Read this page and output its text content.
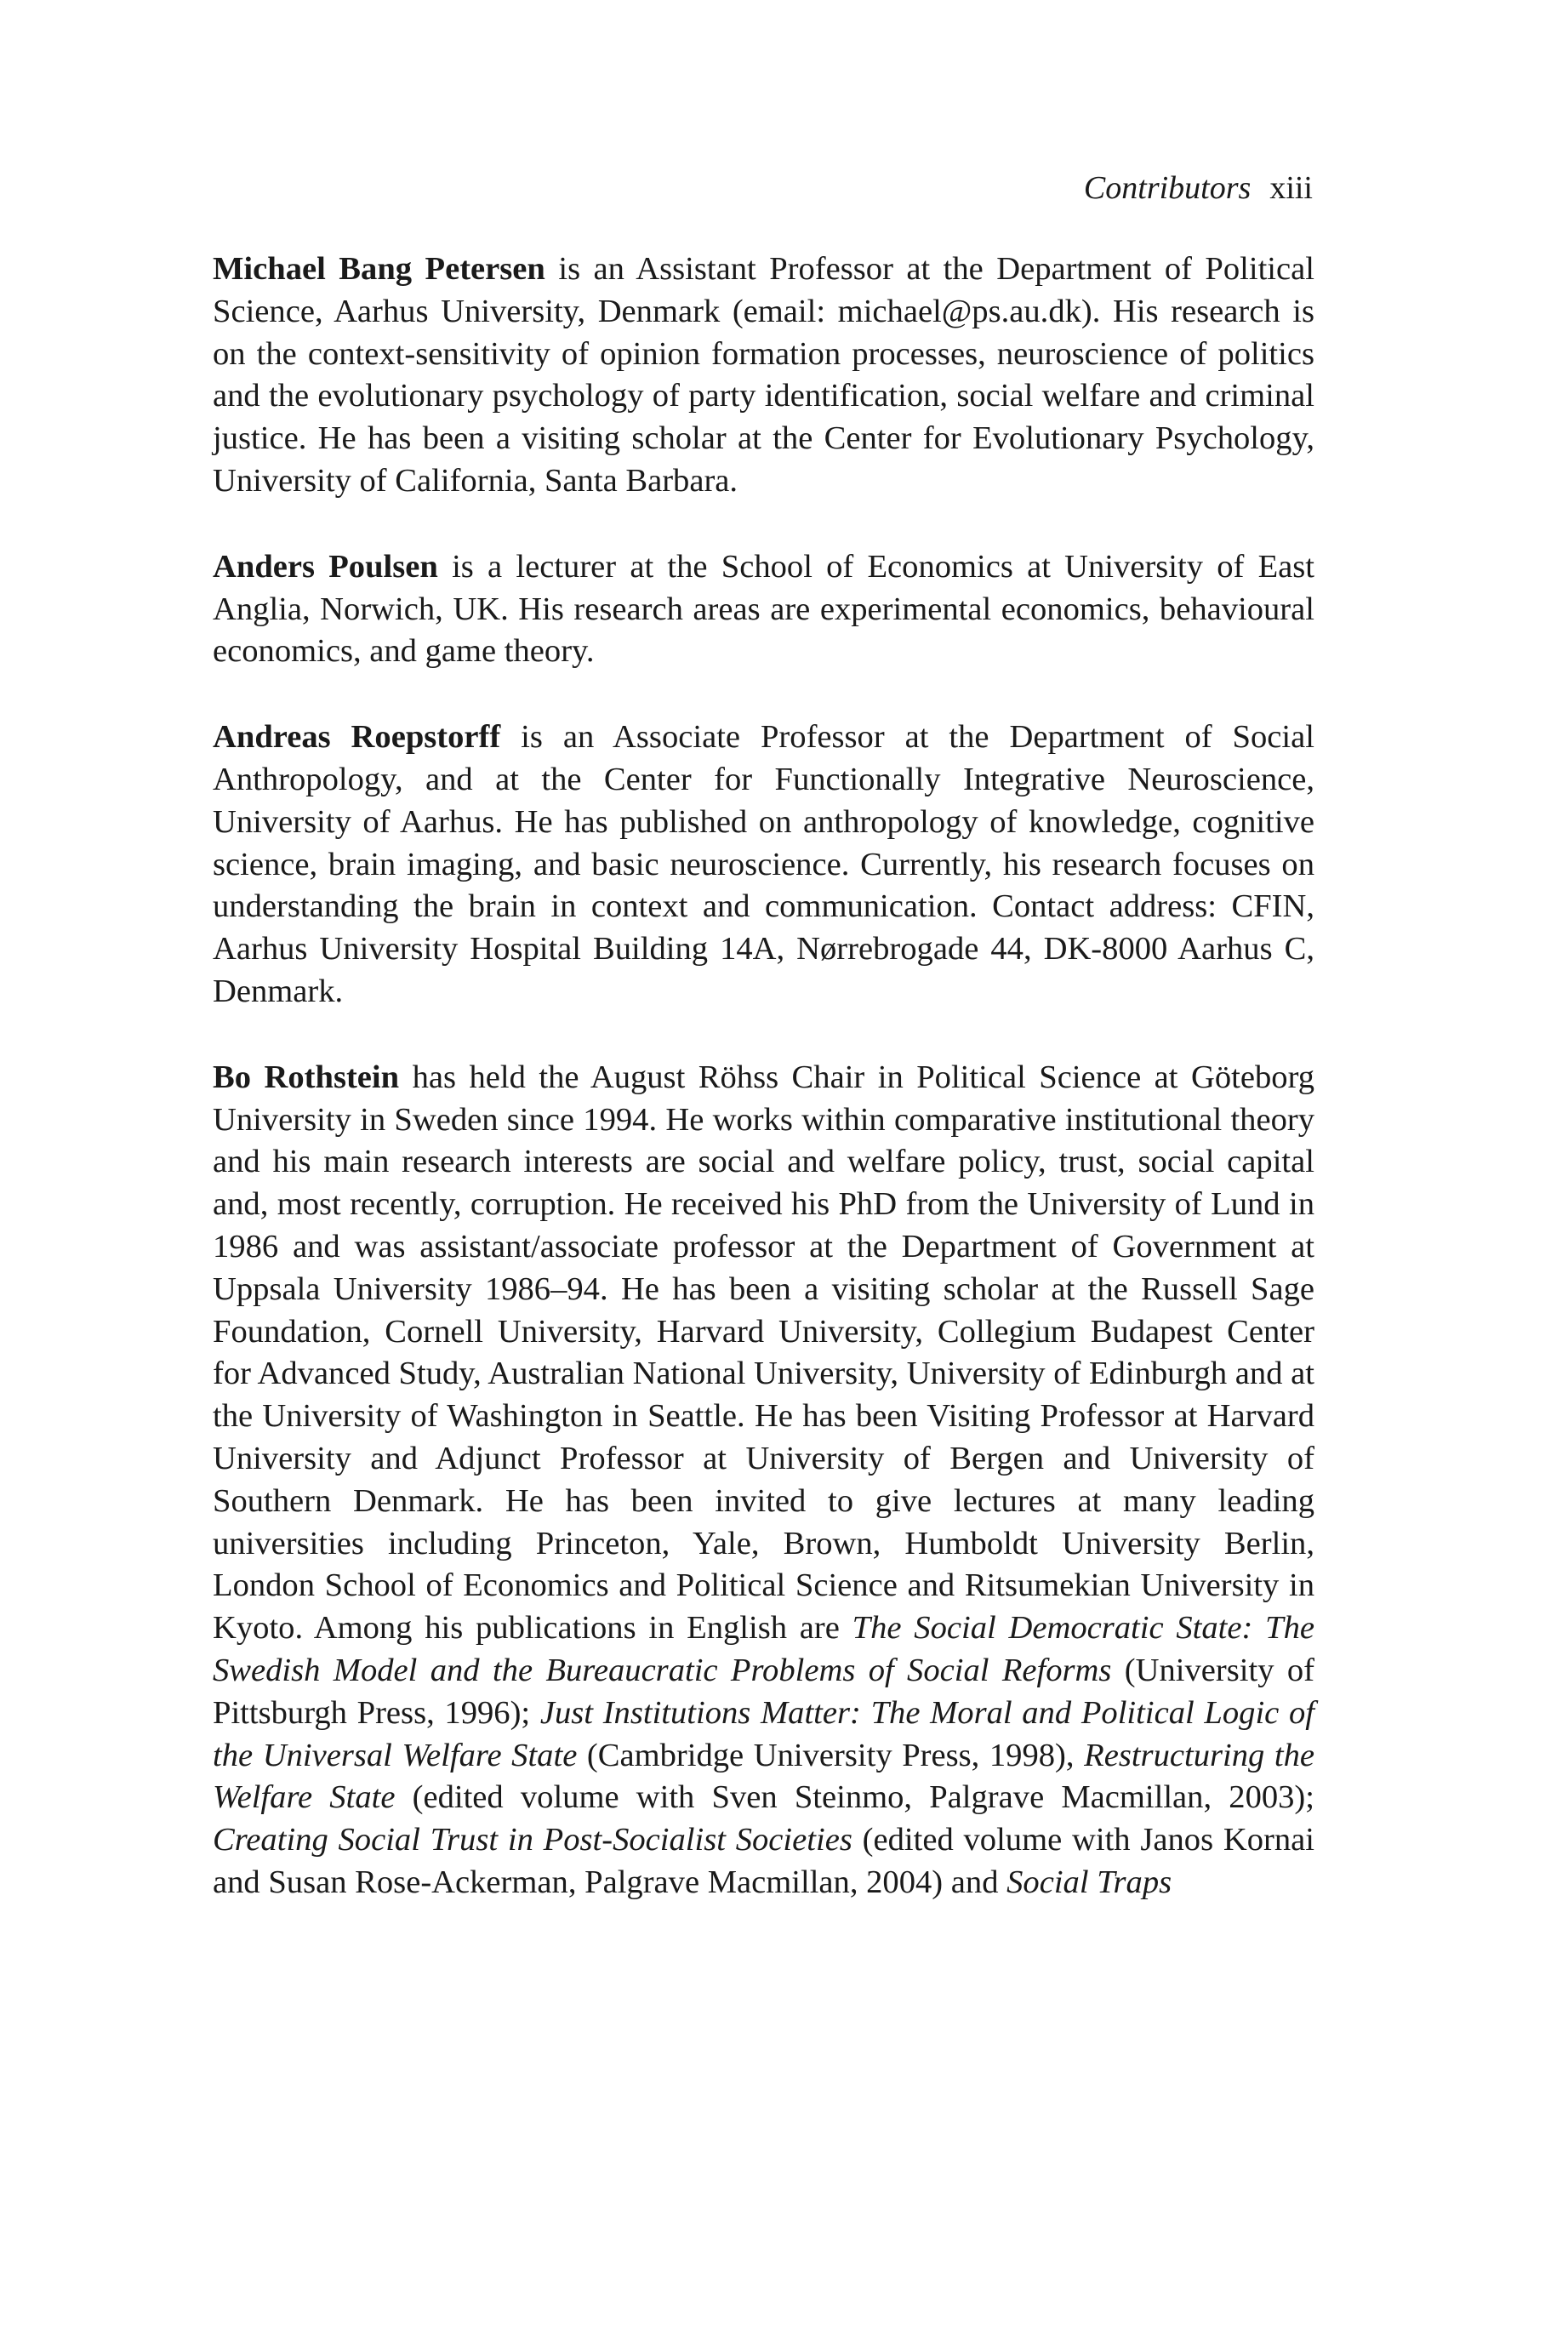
Contributors xiii

Michael Bang Petersen is an Assistant Professor at the Department of Political Science, Aarhus University, Denmark (email: michael@ps.au.dk). His research is on the context-sensitivity of opinion formation processes, neuroscience of politics and the evolutionary psychology of party identification, social welfare and criminal justice. He has been a visiting scholar at the Center for Evolutionary Psychology, University of California, Santa Barbara.

Anders Poulsen is a lecturer at the School of Economics at University of East Anglia, Norwich, UK. His research areas are experimental economics, behavioural economics, and game theory.

Andreas Roepstorff is an Associate Professor at the Department of Social Anthropology, and at the Center for Functionally Integrative Neuroscience, University of Aarhus. He has published on anthropology of knowledge, cognitive science, brain imaging, and basic neuroscience. Currently, his research focuses on understanding the brain in context and communication. Contact address: CFIN, Aarhus University Hospital Building 14A, Nørrebrogade 44, DK-8000 Aarhus C, Denmark.

Bo Rothstein has held the August Röhss Chair in Political Science at Göteborg University in Sweden since 1994. He works within comparative institutional theory and his main research interests are social and welfare policy, trust, social capital and, most recently, corruption. He received his PhD from the University of Lund in 1986 and was assistant/associate professor at the Department of Government at Uppsala University 1986–94. He has been a visiting scholar at the Russell Sage Foundation, Cornell University, Harvard University, Collegium Budapest Center for Advanced Study, Australian National University, University of Edinburgh and at the University of Washington in Seattle. He has been Visiting Professor at Harvard University and Adjunct Professor at University of Bergen and University of Southern Denmark. He has been invited to give lectures at many leading universities including Princeton, Yale, Brown, Humboldt University Berlin, London School of Economics and Political Science and Ritsumekian University in Kyoto. Among his publications in English are The Social Democratic State: The Swedish Model and the Bureaucratic Problems of Social Reforms (University of Pittsburgh Press, 1996); Just Institutions Matter: The Moral and Political Logic of the Universal Welfare State (Cambridge University Press, 1998), Restructuring the Welfare State (edited volume with Sven Steinmo, Palgrave Macmillan, 2003); Creating Social Trust in Post-Socialist Societies (edited volume with Janos Kornai and Susan Rose-Ackerman, Palgrave Macmillan, 2004) and Social Traps
